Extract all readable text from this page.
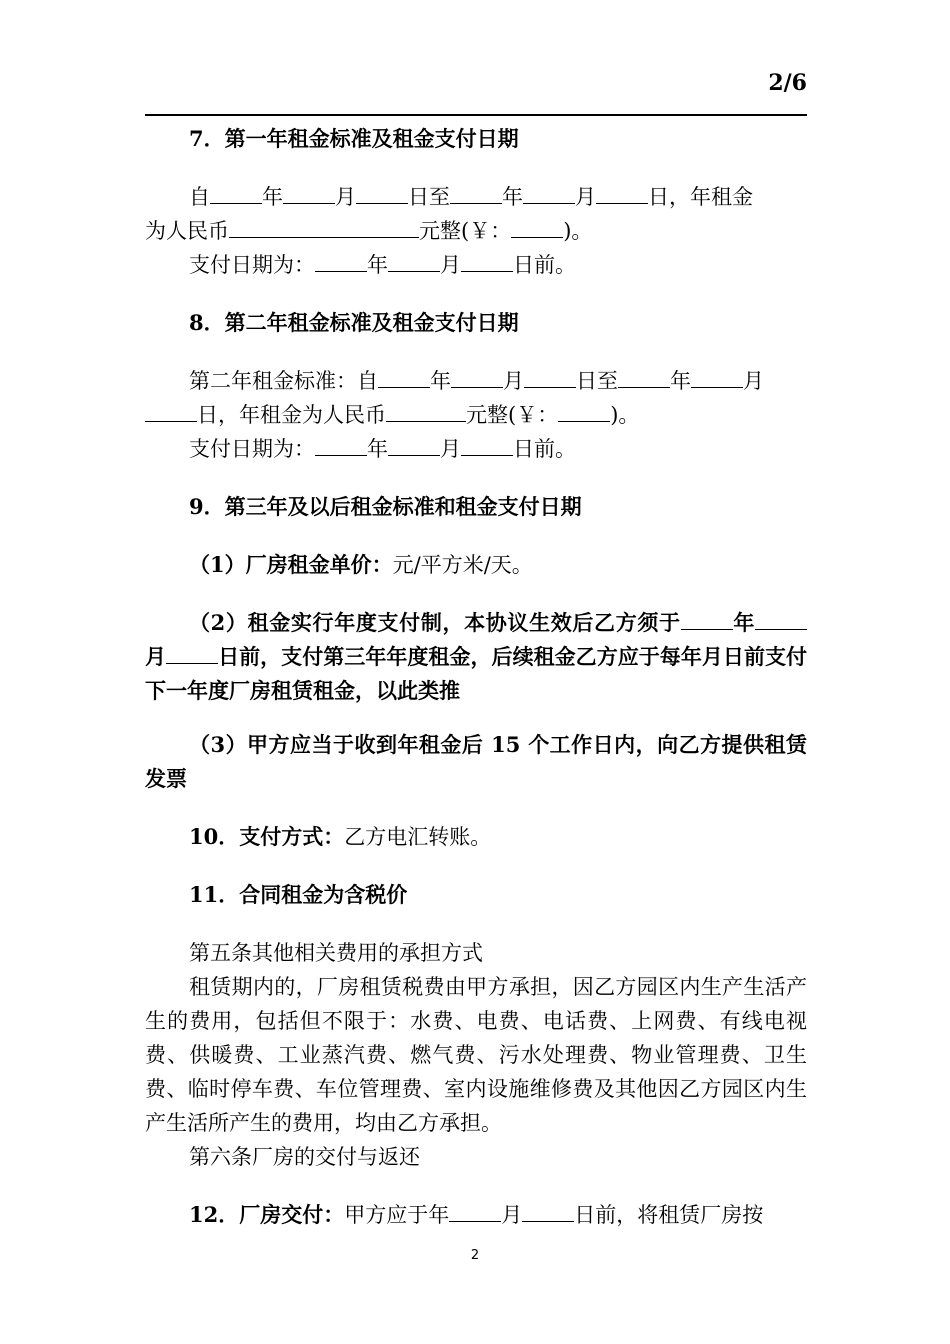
2/6

7．第一年租金标准及租金支付日期

自 年 月 日至 年 月 日，年租金

为人民币	元整(￥： )。

支付日期为： 年 月 日前。

8．第二年租金标准及租金支付日期

第二年租金标准：自 年 月 日至 年 月

日，年租金为人民币	元整(￥： )。

支付日期为： 年 月 日前。

9．第三年及以后租金标准和租金支付日期

（1）厂房租金单价：元/平方米/天。

（2）租金实行年度支付制，本协议生效后乙方须于 年月 日前，支付第三年年度租金，后续租金乙方应于每年月日前支付下一年度厂房租赁租金，以此类推

（3）甲方应当于收到年租金后 15 个工作日内，向乙方提供租赁发票

10．支付方式：乙方电汇转账。

11．合同租金为含税价

第五条其他相关费用的承担方式

租赁期内的，厂房租赁税费由甲方承担，因乙方园区内生产生活产生的费用，包括但不限于：水费、电费、电话费、上网费、有线电视费、供暖费、工业蒸汽费、燃气费、污水处理费、物业管理费、卫生费、临时停车费、车位管理费、室内设施维修费及其他因乙方园区内生产生活所产生的费用，均由乙方承担。

第六条厂房的交付与返还

12．厂房交付：甲方应于年 月 日前，将租赁厂房按

2
